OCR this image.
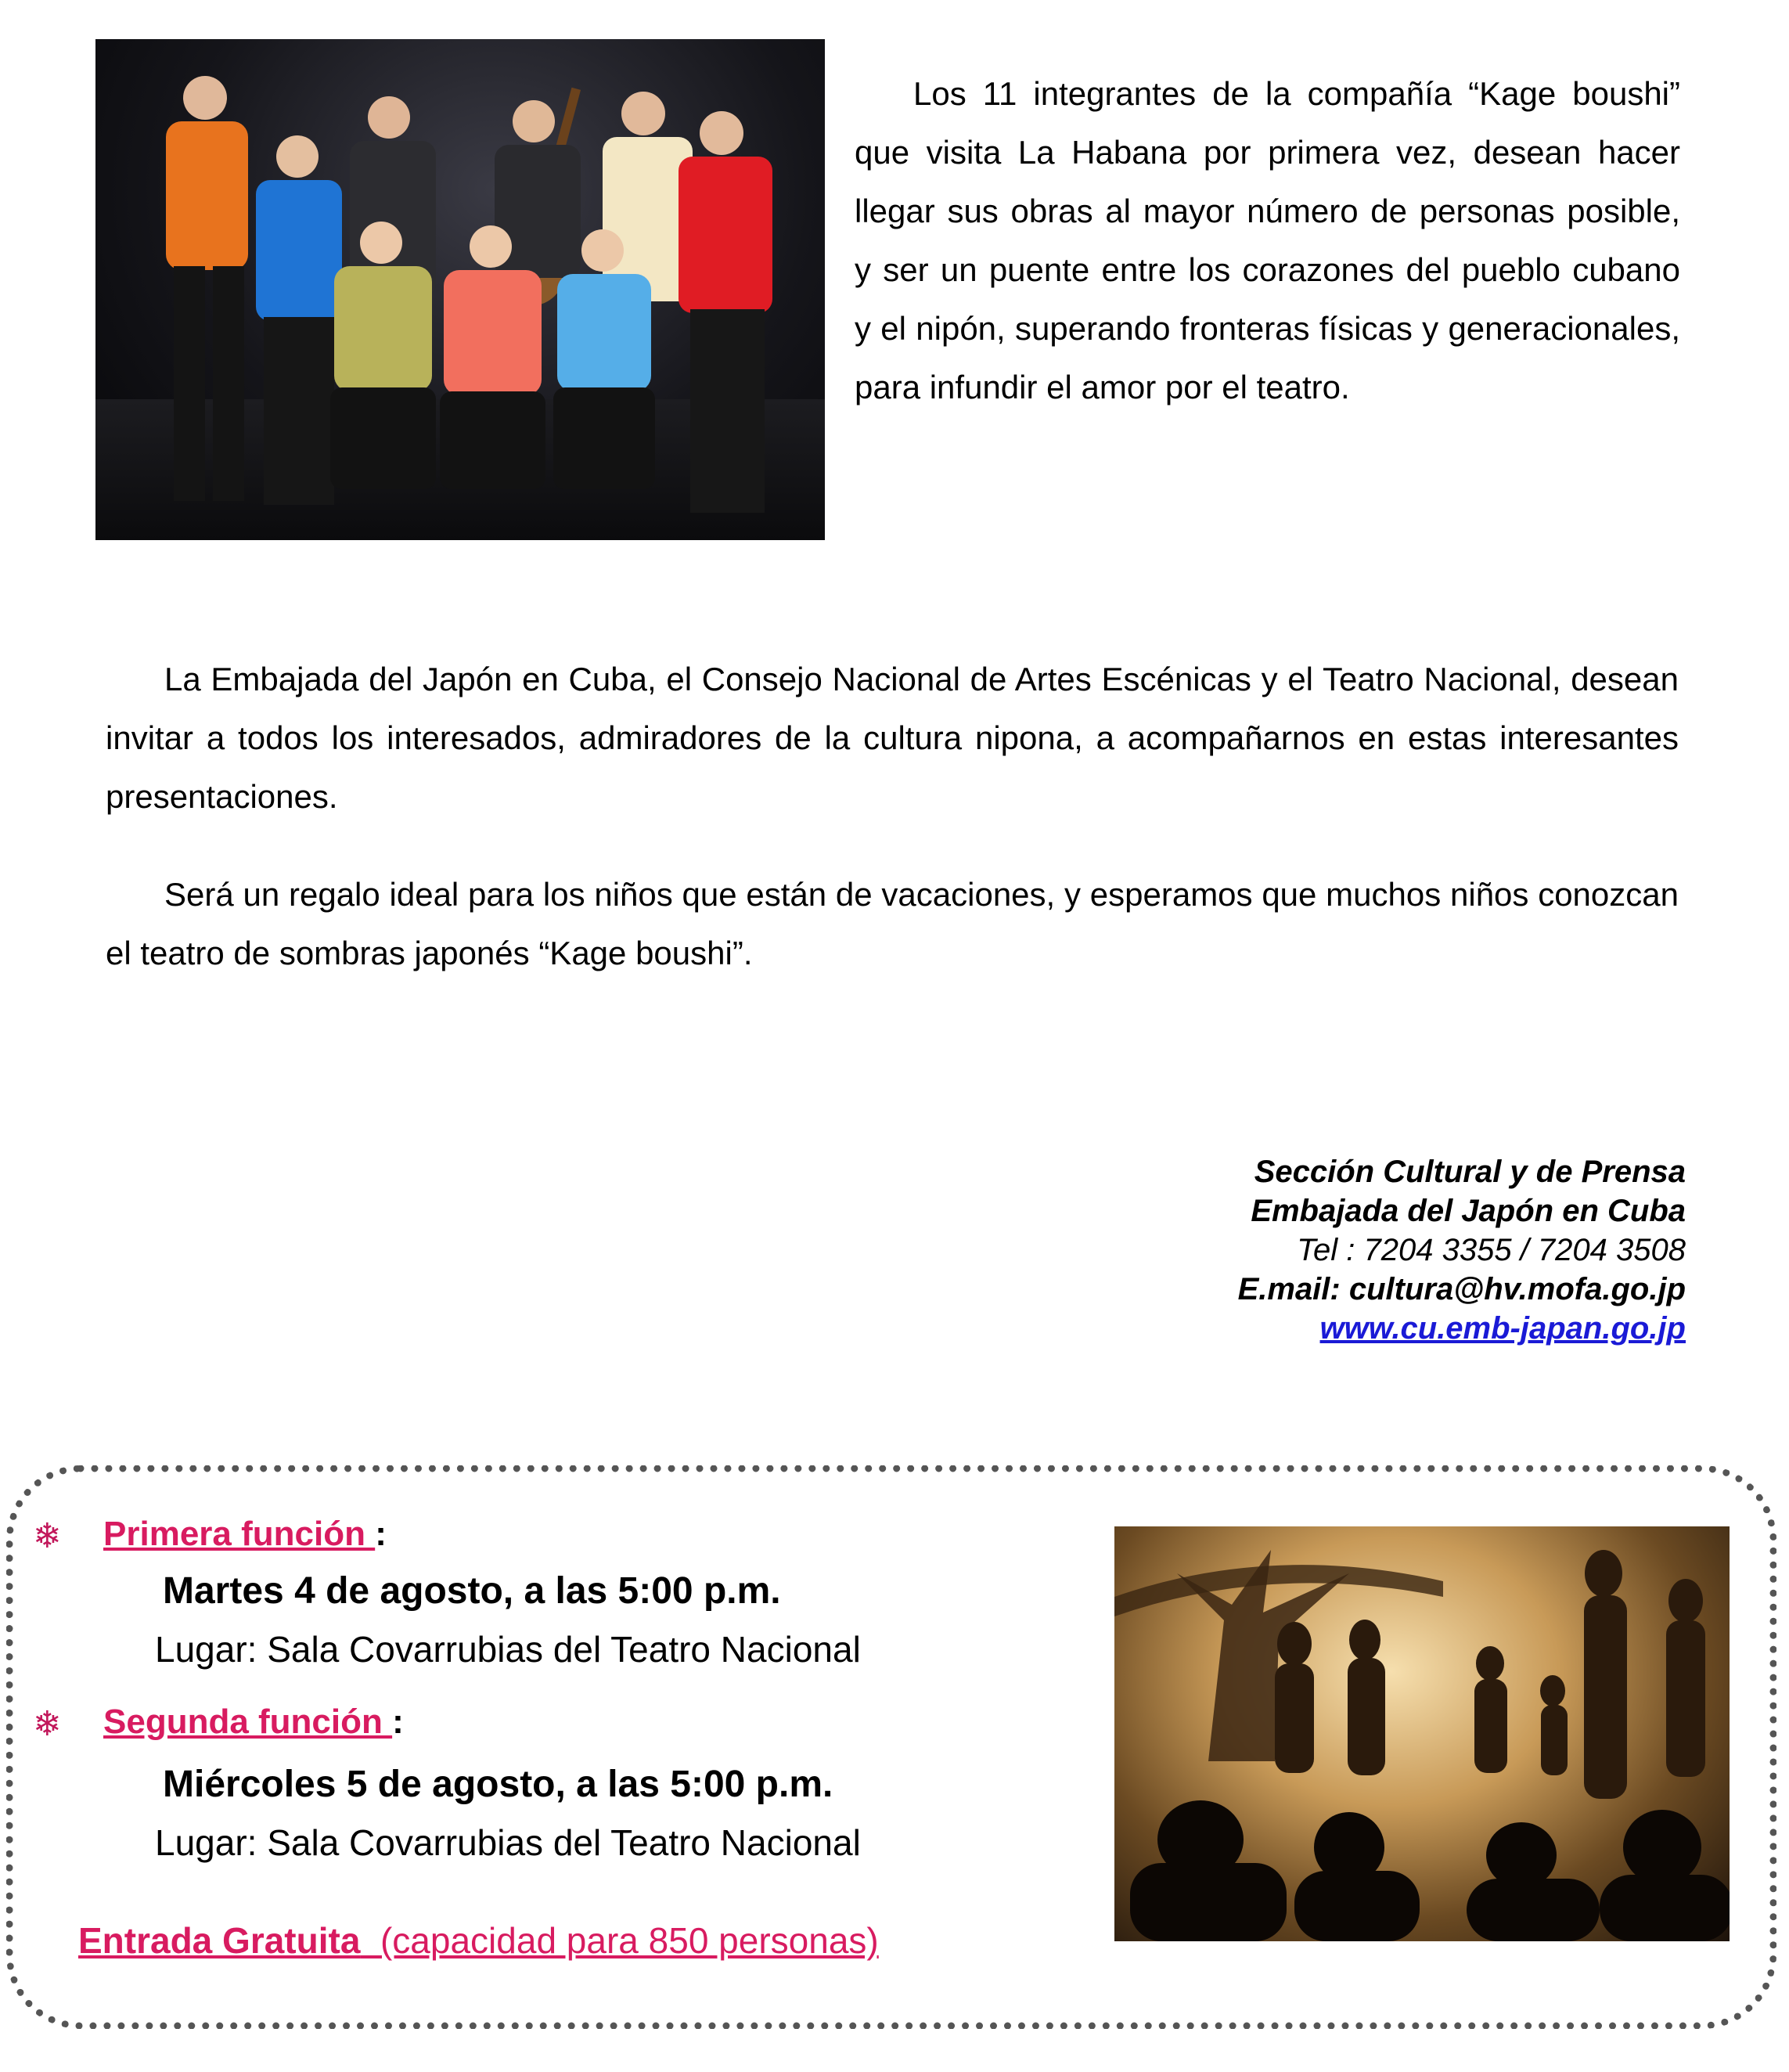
Los 11 integrantes de la compañía “Kage boushi” que visita La Habana por primera vez, desean hacer llegar sus obras al mayor número de personas posible, y ser un puente entre los corazones del pueblo cubano y el nipón, superando fronteras físicas y generacionales, para infundir el amor por el teatro.
La Embajada del Japón en Cuba, el Consejo Nacional de Artes Escénicas y el Teatro Nacional, desean invitar a todos los interesados, admiradores de la cultura nipona, a acompañarnos en estas interesantes presentaciones.
Será un regalo ideal para los niños que están de vacaciones, y esperamos que muchos niños conozcan el teatro de sombras japonés “Kage boushi”.
Sección Cultural y de Prensa
Embajada del Japón en Cuba
Tel : 7204 3355 / 7204 3508
E.mail: cultura@hv.mofa.go.jp
www.cu.emb-japan.go.jp
❄ Primera función :
Martes 4 de agosto, a las 5:00 p.m.
Lugar: Sala Covarrubias del Teatro Nacional
❄ Segunda función :
Miércoles 5 de agosto, a las 5:00 p.m.
Lugar: Sala Covarrubias del Teatro Nacional
Entrada Gratuita (capacidad para 850 personas)
